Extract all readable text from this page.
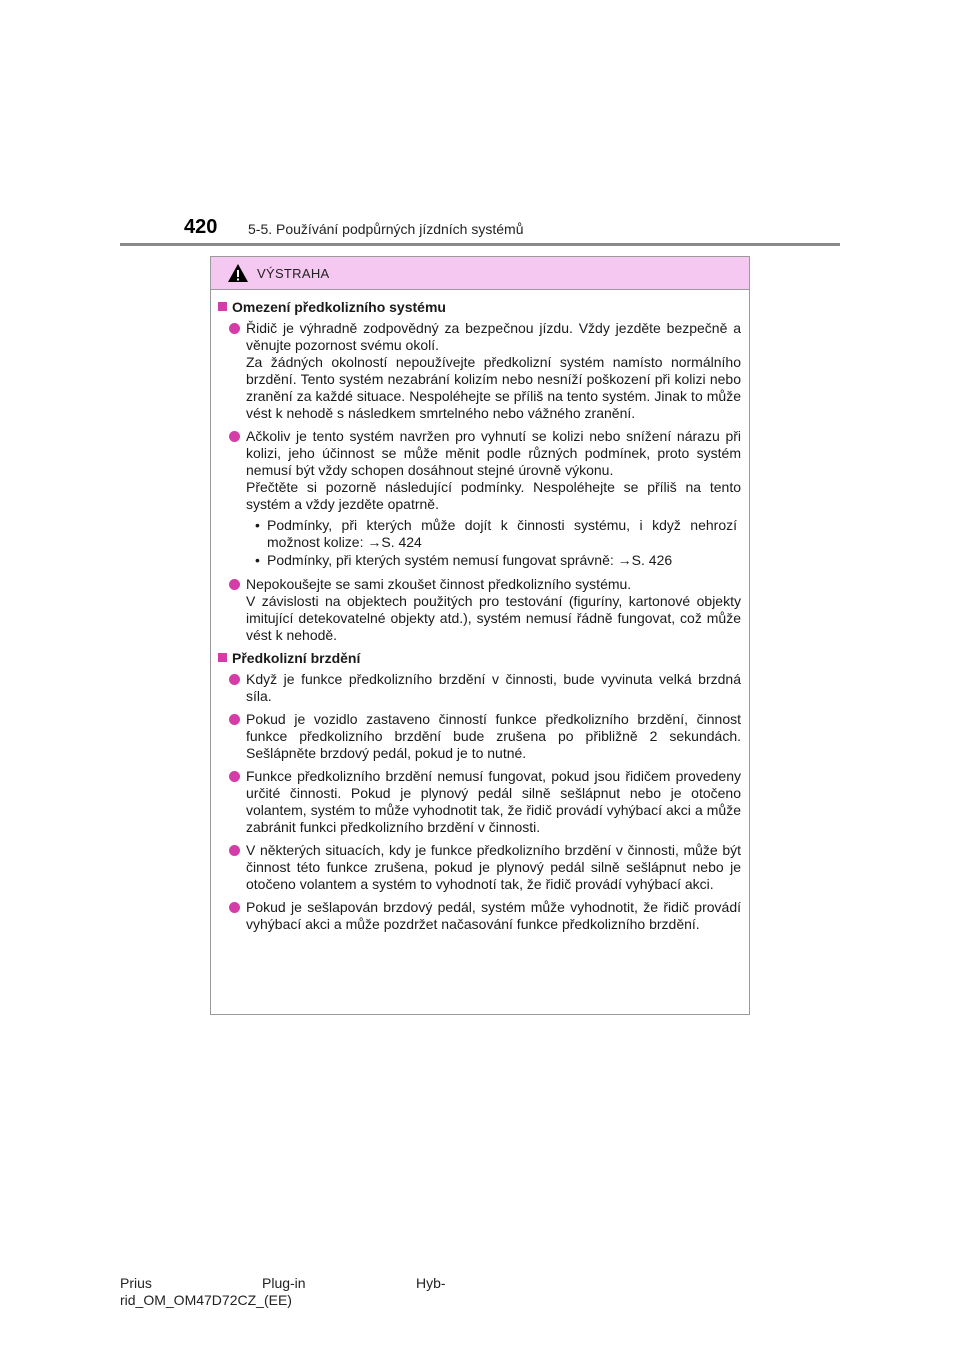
420 5-5. Používání podpůrných jízdních systémů
VÝSTRAHA
Omezení předkolizního systému

Řidič je výhradně zodpovědný za bezpečnou jízdu. Vždy jezděte bezpečně a věnujte pozornost svému okolí.

Za žádných okolností nepoužívejte předkolizní systém namísto normálního brzdění. Tento systém nezabrání kolizím nebo nesníží poškození při kolizi nebo zranění za každé situace. Nespoléhejte se příliš na tento systém. Jinak to může vést k nehodě s následkem smrtelného nebo vážného zranění.

Ačkoliv je tento systém navržen pro vyhnutí se kolizi nebo snížení nárazu při kolizi, jeho účinnost se může měnit podle různých podmínek, proto systém nemusí být vždy schopen dosáhnout stejné úrovně výkonu.

Přečtěte si pozorně následující podmínky. Nespoléhejte se příliš na tento systém a vždy jezděte opatrně.

• Podmínky, při kterých může dojít k činnosti systému, i když nehrozí možnost kolize: →S. 424
• Podmínky, při kterých systém nemusí fungovat správně: →S. 426

Nepokoušejte se sami zkoušet činnost předkolizního systému.

V závislosti na objektech použitých pro testování (figuríny, kartonové objekty imitující detekovatelné objekty atd.), systém nemusí řádně fungovat, což může vést k nehodě.

Předkolizní brzdění

Když je funkce předkolizního brzdění v činnosti, bude vyvinuta velká brzdná síla.

Pokud je vozidlo zastaveno činností funkce předkolizního brzdění, činnost funkce předkolizního brzdění bude zrušena po přibližně 2 sekundách. Sešlápněte brzdový pedál, pokud je to nutné.

Funkce předkolizního brzdění nemusí fungovat, pokud jsou řidičem provedeny určité činnosti. Pokud je plynový pedál silně sešlápnut nebo je otočeno volantem, systém to může vyhodnotit tak, že řidič provádí vyhýbací akci a může zabránit funkci předkolizního brzdění v činnosti.

V některých situacích, kdy je funkce předkolizního brzdění v činnosti, může být činnost této funkce zrušena, pokud je plynový pedál silně sešlápnut nebo je otočeno volantem a systém to vyhodnotí tak, že řidič provádí vyhýbací akci.

Pokud je sešlapován brzdový pedál, systém může vyhodnotit, že řidič provádí vyhýbací akci a může pozdržet načasování funkce předkolizního brzdění.

Prius	Plug-in	Hyb-
rid_OM_OM47D72CZ_(EE)
